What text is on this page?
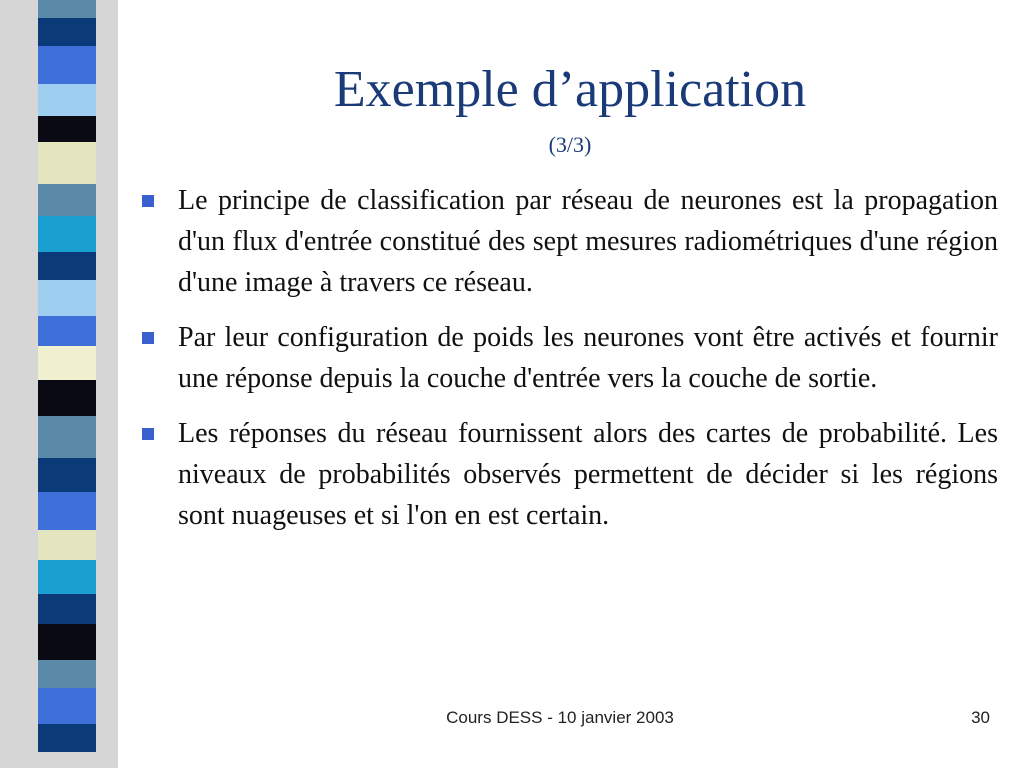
Exemple d’application
(3/3)
Le principe de classification par réseau de neurones est la propagation d'un flux d'entrée constitué des sept mesures radiométriques d'une région d'une image à travers ce réseau.
Par leur configuration de poids les neurones vont être activés et fournir une réponse depuis la couche d'entrée vers la couche de sortie.
Les réponses du réseau fournissent alors des cartes de probabilité. Les niveaux de probabilités observés permettent de décider si les régions sont nuageuses et si l'on en est certain.
Cours DESS - 10 janvier 2003	30
